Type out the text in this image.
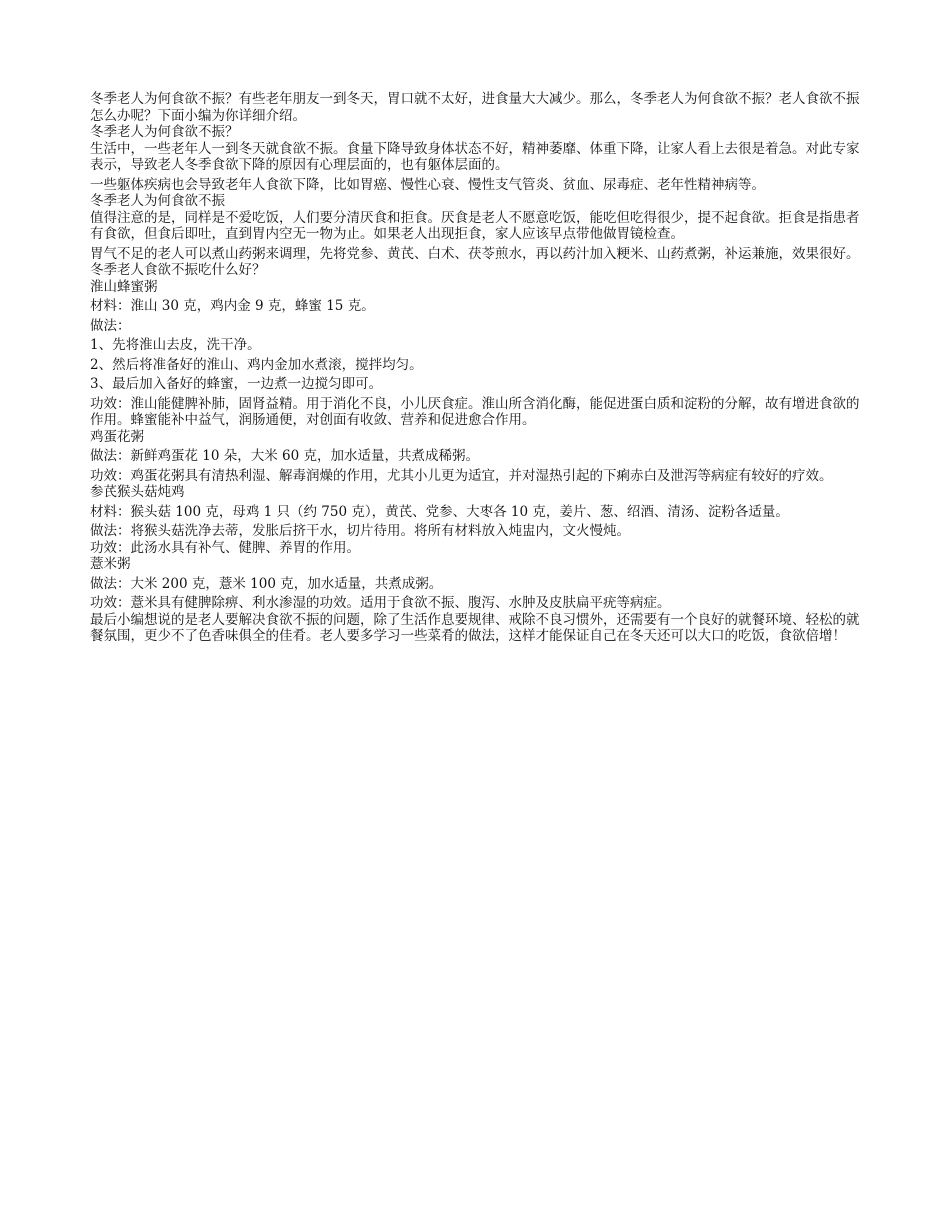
冬季老人为何食欲不振？有些老年朋友一到冬天，胃口就不太好，进食量大大减少。那么，冬季老人为何食欲不振？老人食欲不振怎么办呢？下面小编为你详细介绍。

冬季老人为何食欲不振？

生活中，一些老年人一到冬天就食欲不振。食量下降导致身体状态不好，精神萎靡、体重下降，让家人看上去很是着急。对此专家表示，导致老人冬季食欲下降的原因有心理层面的，也有躯体层面的。

一些躯体疾病也会导致老年人食欲下降，比如胃癌、慢性心衰、慢性支气管炎、贫血、尿毒症、老年性精神病等。

冬季老人为何食欲不振

值得注意的是，同样是不爱吃饭，人们要分清厌食和拒食。厌食是老人不愿意吃饭，能吃但吃得很少，提不起食欲。拒食是指患者有食欲，但食后即吐，直到胃内空无一物为止。如果老人出现拒食，家人应该早点带他做胃镜检查。

胃气不足的老人可以煮山药粥来调理，先将党参、黄芪、白术、茯苓煎水，再以药汁加入粳米、山药煮粥，补运兼施，效果很好。

冬季老人食欲不振吃什么好？

淮山蜂蜜粥

材料：淮山 30 克，鸡内金 9 克，蜂蜜 15 克。

做法：

1、先将淮山去皮，洗干净。

2、然后将准备好的淮山、鸡内金加水煮滚，搅拌均匀。

3、最后加入备好的蜂蜜，一边煮一边搅匀即可。

功效：淮山能健脾补肺，固肾益精。用于消化不良，小儿厌食症。淮山所含消化酶，能促进蛋白质和淀粉的分解，故有增进食欲的作用。蜂蜜能补中益气，润肠通便，对创面有收敛、营养和促进愈合作用。

鸡蛋花粥

做法：新鲜鸡蛋花 10 朵，大米 60 克，加水适量，共煮成稀粥。

功效：鸡蛋花粥具有清热利湿、解毒润燥的作用，尤其小儿更为适宜，并对湿热引起的下痢赤白及泄泻等病症有较好的疗效。

参芪猴头菇炖鸡

材料：猴头菇 100 克，母鸡 1 只（约 750 克），黄芪、党参、大枣各 10 克，姜片、葱、绍酒、清汤、淀粉各适量。

做法：将猴头菇洗净去蒂，发胀后挤干水，切片待用。将所有材料放入炖盅内，文火慢炖。

功效：此汤水具有补气、健脾、养胃的作用。

薏米粥

做法：大米 200 克，薏米 100 克，加水适量，共煮成粥。

功效：薏米具有健脾除痹、利水渗湿的功效。适用于食欲不振、腹泻、水肿及皮肤扁平疣等病症。

最后小编想说的是老人要解决食欲不振的问题，除了生活作息要规律、戒除不良习惯外，还需要有一个良好的就餐环境、轻松的就餐氛围，更少不了色香味俱全的佳肴。老人要多学习一些菜肴的做法，这样才能保证自己在冬天还可以大口的吃饭，食欲倍增！
